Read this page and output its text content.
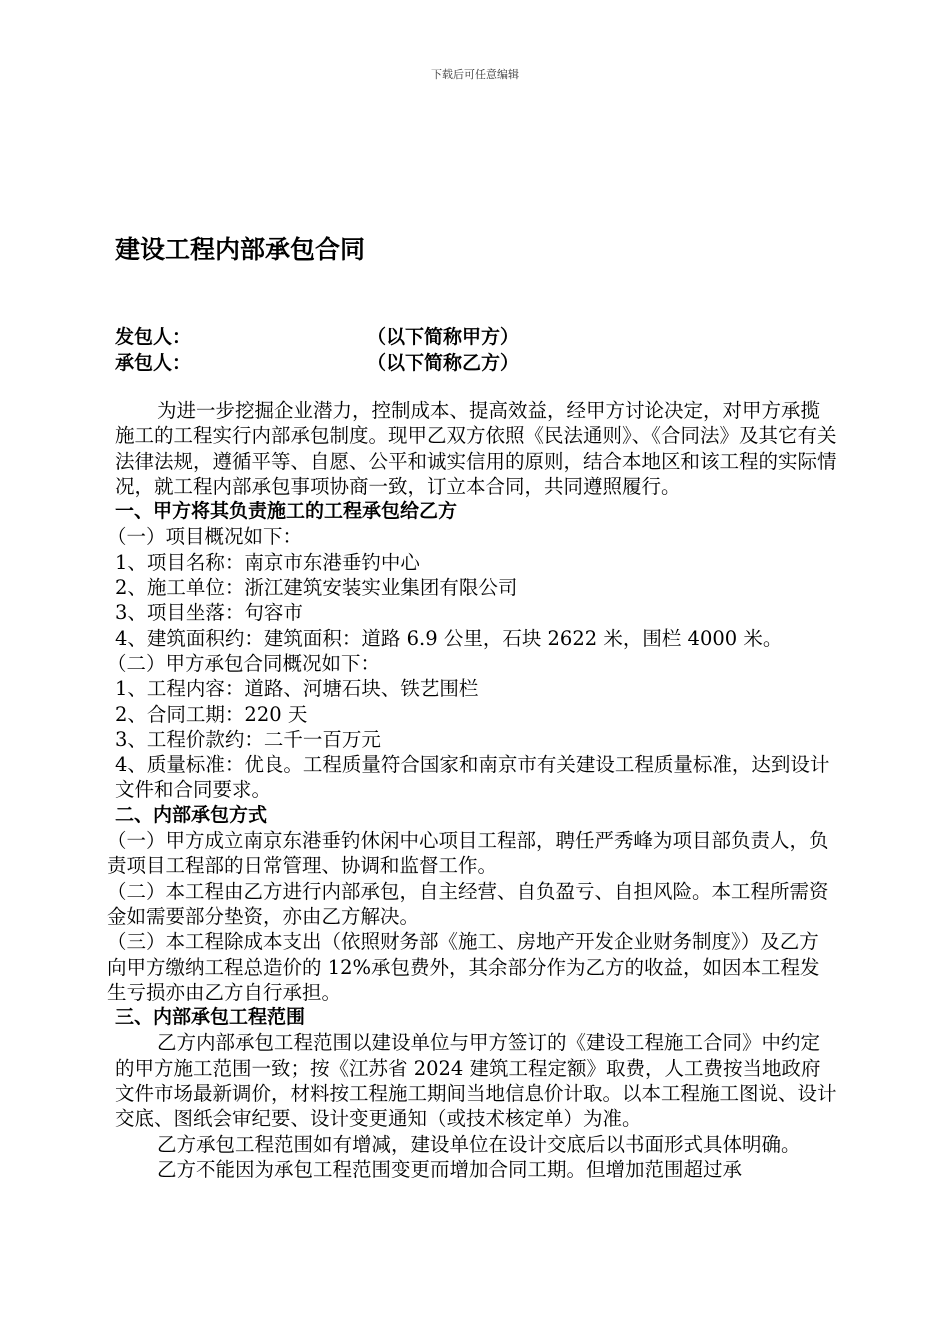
下载后可任意编辑
建设工程内部承包合同
发包人：	（以下简称甲方）
承包人：	（以下简称乙方）

为进一步挖掘企业潜力，控制成本、提高效益，经甲方讨论决定，对甲方承揽施工的工程实行内部承包制度。现甲乙双方依照《民法通则》、《合同法》及其它有关法律法规，遵循平等、自愿、公平和诚实信用的原则，结合本地区和该工程的实际情况，就工程内部承包事项协商一致，订立本合同，共同遵照履行。

一、甲方将其负责施工的工程承包给乙方

（一）项目概况如下：

1、项目名称：南京市东港垂钓中心

2、施工单位：浙江建筑安装实业集团有限公司

3、项目坐落：句容市

4、建筑面积约：建筑面积：道路 6.9 公里，石块 2622 米，围栏 4000 米。

（二）甲方承包合同概况如下：

1、工程内容：道路、河塘石块、铁艺围栏

2、合同工期：220 天

3、工程价款约：二千一百万元

4、质量标准：优良。工程质量符合国家和南京市有关建设工程质量标准，达到设计文件和合同要求。

二、内部承包方式

（一）甲方成立南京东港垂钓休闲中心项目工程部，聘任严秀峰为项目部负责人，负责项目工程部的日常管理、协调和监督工作。

（二）本工程由乙方进行内部承包，自主经营、自负盈亏、自担风险。本工程所需资金如需要部分垫资，亦由乙方解决。

（三）本工程除成本支出（依照财务部《施工、房地产开发企业财务制度》）及乙方向甲方缴纳工程总造价的 12%承包费外，其余部分作为乙方的收益，如因本工程发生亏损亦由乙方自行承担。

三、内部承包工程范围

乙方内部承包工程范围以建设单位与甲方签订的《建设工程施工合同》中约定的甲方施工范围一致；按《江苏省 2024 建筑工程定额》取费，人工费按当地政府文件市场最新调价，材料按工程施工期间当地信息价计取。以本工程施工图说、设计交底、图纸会审纪要、设计变更通知（或技术核定单）为准。

乙方承包工程范围如有增减，建设单位在设计交底后以书面形式具体明确。

乙方不能因为承包工程范围变更而增加合同工期。但增加范围超过承
